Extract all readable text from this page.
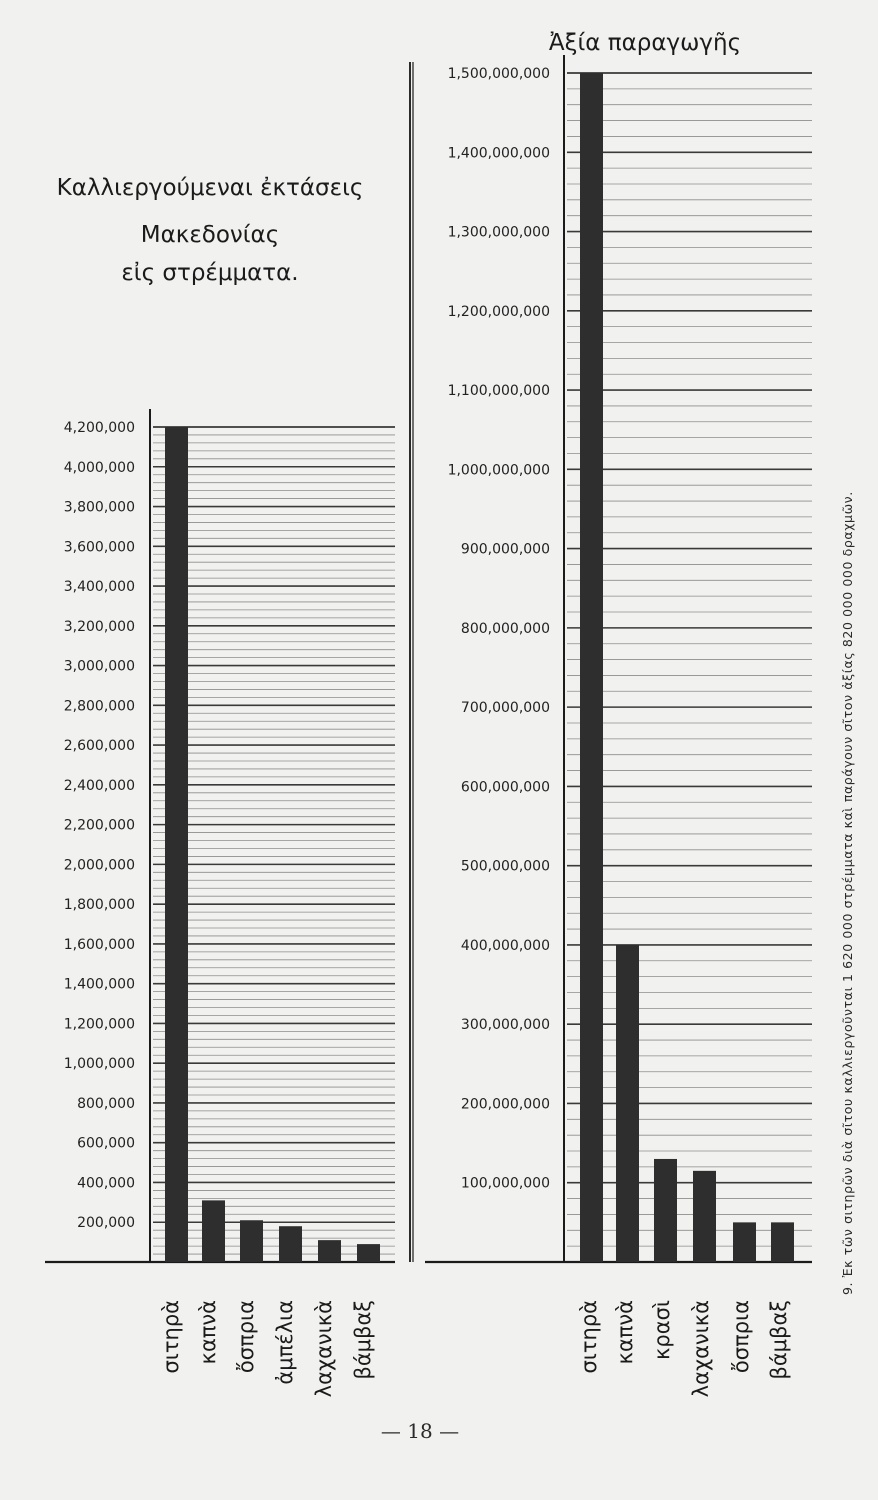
200,000
400,000
600,000
800,000
1,000,000
1,200,000
1,400,000
1,600,000
1,800,000
2,000,000
2,200,000
2,400,000
2,600,000
2,800,000
3,000,000
3,200,000
3,400,000
3,600,000
3,800,000
4,000,000
4,200,000
σιτηρὰ καπνὰ ὄσπρια ἀμπέλια λαχανικὰ βάμβαξ
Καλλιεργούμεναι ἐκτάσεις
Μακεδονίας
εἰς στρέμματα.
100,000,000
200,000,000
300,000,000
400,000,000
500,000,000
600,000,000
700,000,000
800,000,000
900,000,000
1,000,000,000
1,100,000,000
1,200,000,000
1,300,000,000
1,400,000,000
1,500,000,000
σιτηρὰ καπνὰ κρασὶ λαχανικὰ ὄσπρια βάμβαξ
Ἀξία παραγωγῆς
9. Ἐκ τῶν σιτηρῶν διὰ σῖτου καλλιεργοῦνται 1 620 000 στρέμματα καὶ παράγουν σῖτον ἀξίας 820 000 000 δραχμῶν.
— 18 —
